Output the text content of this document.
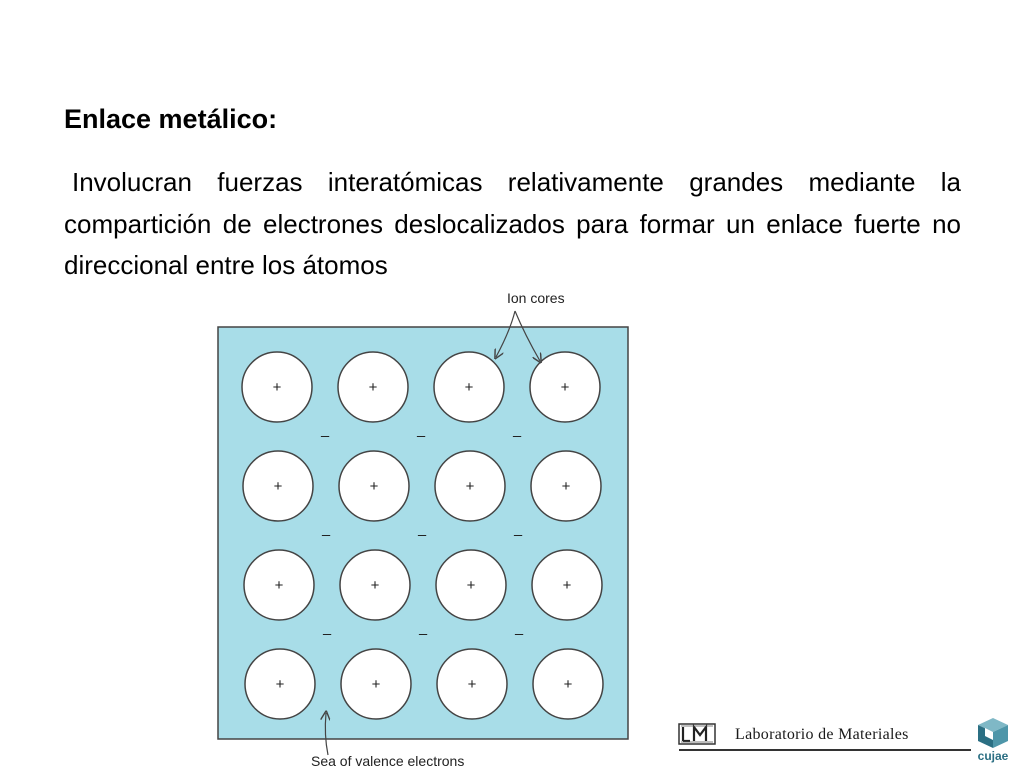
Enlace metálico:

Involucran fuerzas interatómicas relativamente grandes mediante la compartición de electrones deslocalizados para formar un enlace fuerte no direccional entre los átomos

+	+	+	+
+	+	+	+
+	+	+	+
+	+	+	+
–	–	–
–	–	–
–	–	–
Ion cores
Sea of valence electrons
Laboratorio de Materiales
cujae
